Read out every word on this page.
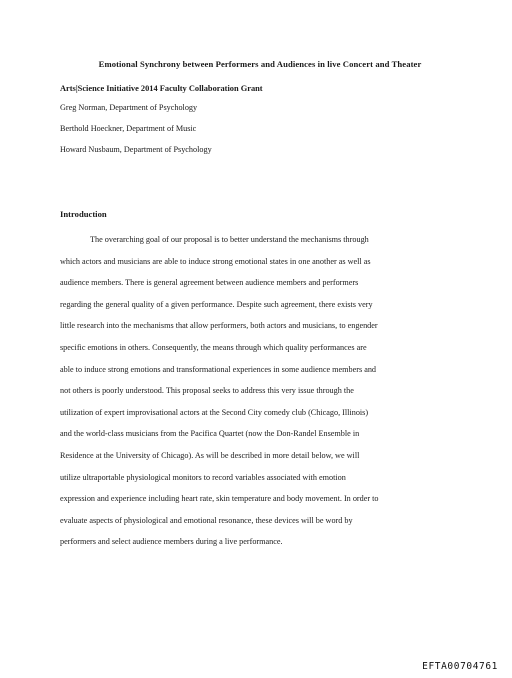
Emotional Synchrony between Performers and Audiences in live Concert and Theater
Arts|Science Initiative 2014 Faculty Collaboration Grant
Greg Norman, Department of Psychology
Berthold Hoeckner, Department of Music
Howard Nusbaum, Department of Psychology
Introduction
The overarching goal of our proposal is to better understand the mechanisms through
which actors and musicians are able to induce strong emotional states in one another as well as
audience members. There is general agreement between audience members and performers
regarding the general quality of a given performance. Despite such agreement, there exists very
little research into the mechanisms that allow performers, both actors and musicians, to engender
specific emotions in others. Consequently, the means through which quality performances are
able to induce strong emotions and transformational experiences in some audience members and
not others is poorly understood. This proposal seeks to address this very issue through the
utilization of expert improvisational actors at the Second City comedy club (Chicago, Illinois)
and the world-class musicians from the Pacifica Quartet (now the Don-Randel Ensemble in
Residence at the University of Chicago). As will be described in more detail below, we will
utilize ultraportable physiological monitors to record variables associated with emotion
expression and experience including heart rate, skin temperature and body movement. In order to
evaluate aspects of physiological and emotional resonance, these devices will be word by
performers and select audience members during a live performance.
EFTA00704761
